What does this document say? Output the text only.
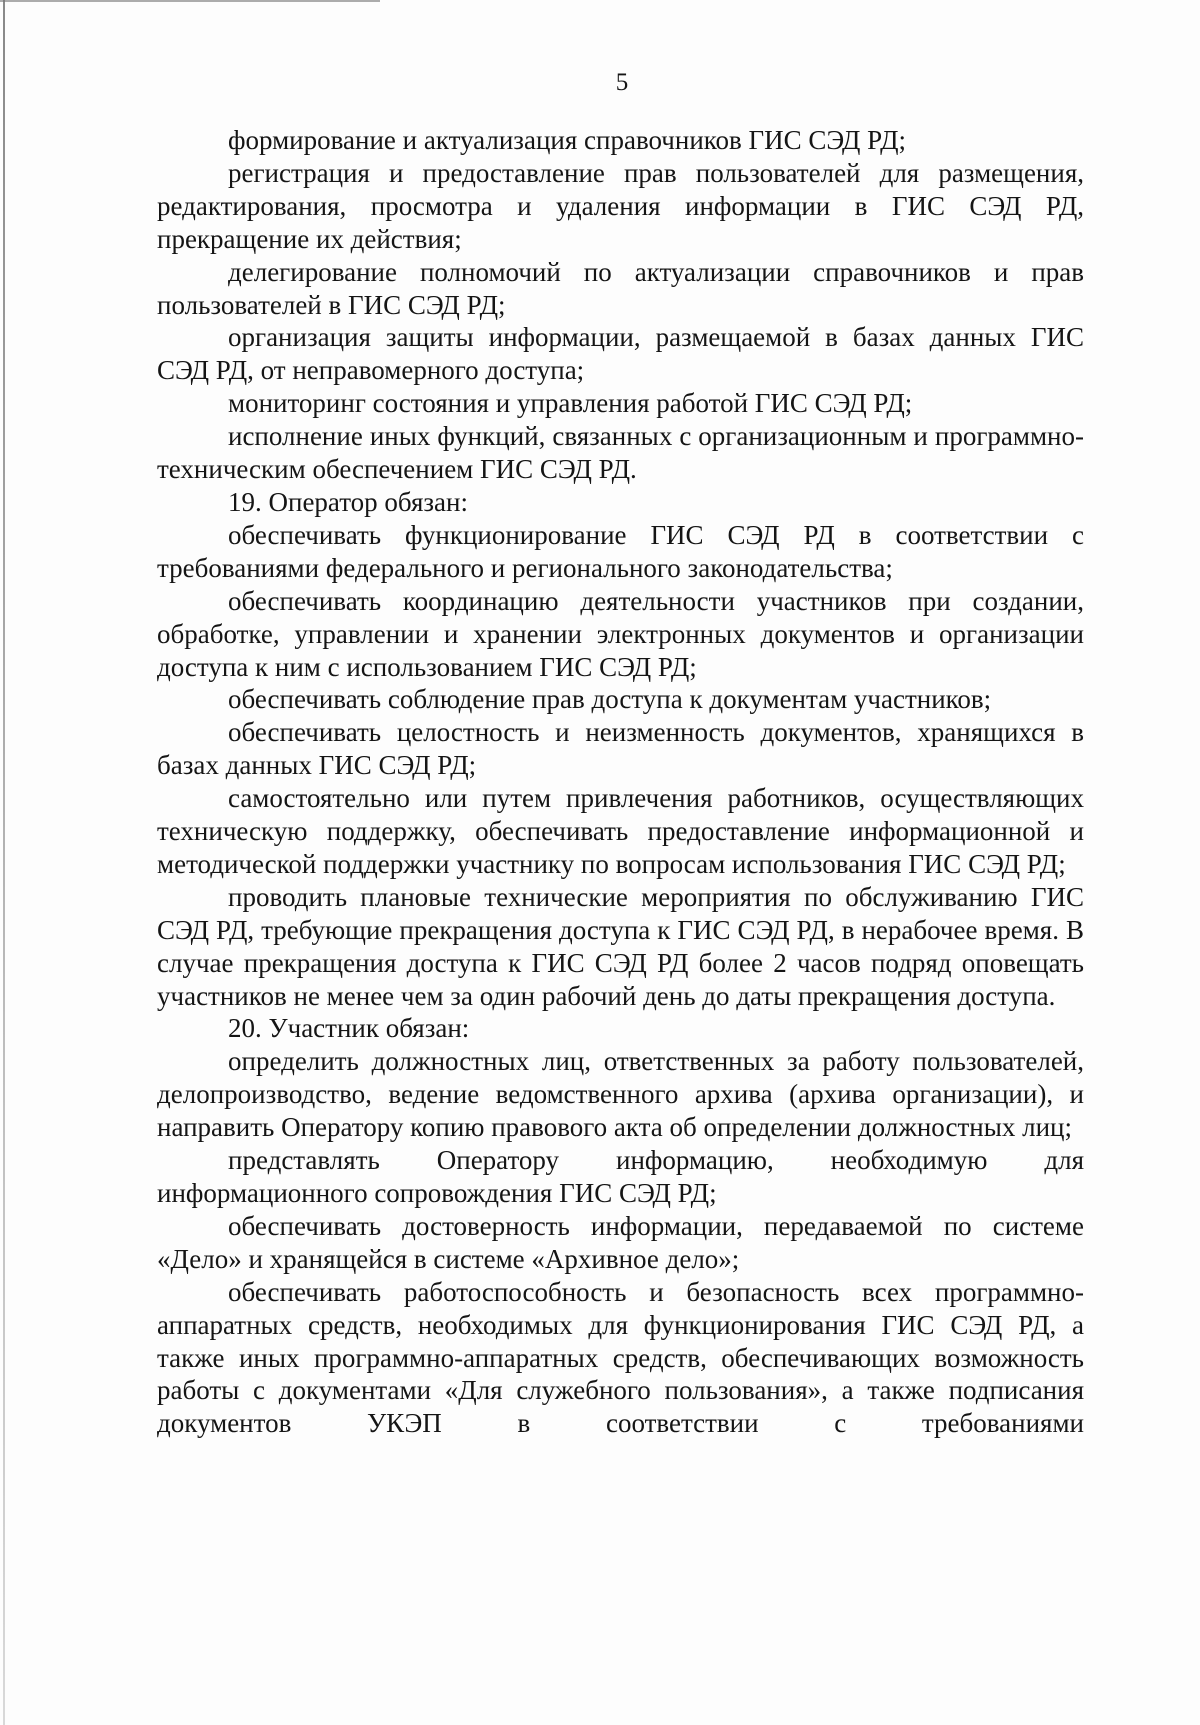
5

формирование и актуализация справочников ГИС СЭД РД;

регистрация и предоставление прав пользователей для размещения, редактирования, просмотра и удаления информации в ГИС СЭД РД, прекращение их действия;

делегирование полномочий по актуализации справочников и прав пользователей в ГИС СЭД РД;

организация защиты информации, размещаемой в базах данных ГИС СЭД РД, от неправомерного доступа;

мониторинг состояния и управления работой ГИС СЭД РД;

исполнение иных функций, связанных с организационным и программно-техническим обеспечением ГИС СЭД РД.

19. Оператор обязан:

обеспечивать функционирование ГИС СЭД РД в соответствии с требованиями федерального и регионального законодательства;

обеспечивать координацию деятельности участников при создании, обработке, управлении и хранении электронных документов и организации доступа к ним с использованием ГИС СЭД РД;

обеспечивать соблюдение прав доступа к документам участников;

обеспечивать целостность и неизменность документов, хранящихся в базах данных ГИС СЭД РД;

самостоятельно или путем привлечения работников, осуществляющих техническую поддержку, обеспечивать предоставление информационной и методической поддержки участнику по вопросам использования ГИС СЭД РД;

проводить плановые технические мероприятия по обслуживанию ГИС СЭД РД, требующие прекращения доступа к ГИС СЭД РД, в нерабочее время. В случае прекращения доступа к ГИС СЭД РД более 2 часов подряд оповещать участников не менее чем за один рабочий день до даты прекращения доступа.

20. Участник обязан:

определить должностных лиц, ответственных за работу пользователей, делопроизводство, ведение ведомственного архива (архива организации), и направить Оператору копию правового акта об определении должностных лиц;

представлять Оператору информацию, необходимую для информационного сопровождения ГИС СЭД РД;

обеспечивать достоверность информации, передаваемой по системе «Дело» и хранящейся в системе «Архивное дело»;

обеспечивать работоспособность и безопасность всех программно-аппаратных средств, необходимых для функционирования ГИС СЭД РД, а также иных программно-аппаратных средств, обеспечивающих возможность работы с документами «Для служебного пользования», а также подписания документов УКЭП в соответствии с требованиями
